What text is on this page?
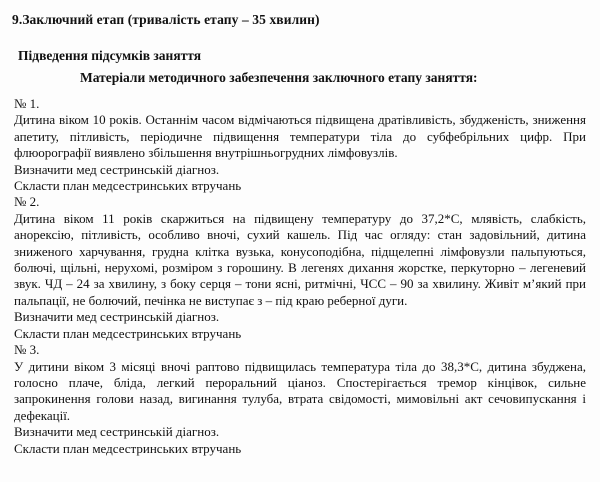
9.Заключний етап (тривалість етапу – 35 хвилин)
Підведення підсумків заняття
Матеріали методичного забезпечення заключного етапу заняття:

№ 1.

Дитина віком 10 років. Останнім часом відмічаються підвищена дратівливість, збудженість, зниження апетиту, пітливість, періодичне підвищення температури тіла до субфебрільних цифр. При флюорографії виявлено збільшення внутрішньогрудних лімфовузлів.

Визначити мед сестринській діагноз.

Скласти план медсестринських втручань

№ 2.

Дитина віком 11 років скаржиться на підвищену температуру до 37,2*С, млявість, слабкість, анорексію, пітливість, особливо вночі, сухий кашель. Під час огляду: стан задовільний, дитина зниженого харчування, грудна клітка вузька, конусоподібна, підщелепні лімфовузли пальпуються, болючі, щільні, нерухомі, розміром з горошину. В легенях дихання жорстке, перкуторно – легеневий звук. ЧД – 24 за хвилину, з боку серця – тони ясні, ритмічні, ЧСС – 90 за хвилину. Живіт м’який при пальпації, не болючий, печінка не виступає з – під краю реберної дуги.

Визначити мед сестринській діагноз.

Скласти план медсестринських втручань

№ 3.

У дитини віком 3 місяці вночі раптово підвищилась температура тіла до 38,3*С, дитина збуджена, голосно плаче, бліда, легкий пероральний ціаноз. Спостерігається тремор кінцівок, сильне запрокинення голови назад, вигинання тулуба, втрата свідомості, мимовільні акт сечовипускання і дефекації.

Визначити мед сестринській діагноз.

Скласти план медсестринських втручань
